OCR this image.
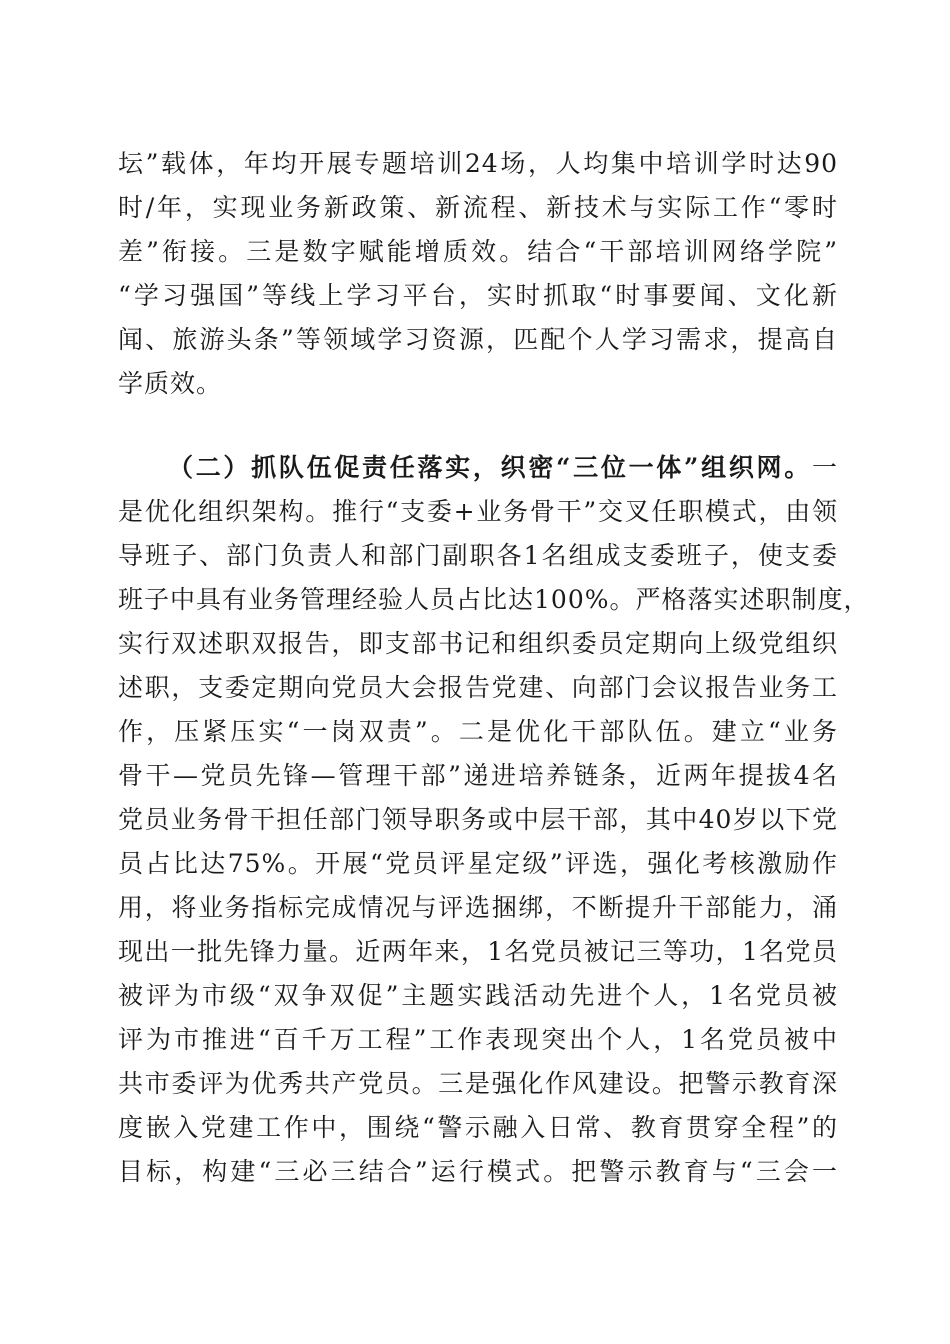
坛”载体，年均开展专题培训24场，人均集中培训学时达90
时/年，实现业务新政策、新流程、新技术与实际工作“零时
差”衔接。三是数字赋能增质效。结合“干部培训网络学院”
“学习强国”等线上学习平台，实时抓取“时事要闻、文化新
闻、旅游头条”等领域学习资源，匹配个人学习需求，提高自
学质效。
（二）抓队伍促责任落实，织密“三位一体”组织网。一
是优化组织架构。推行“支委+业务骨干”交叉任职模式，由领
导班子、部门负责人和部门副职各1名组成支委班子，使支委
班子中具有业务管理经验人员占比达100%。严格落实述职制度，
实行双述职双报告，即支部书记和组织委员定期向上级党组织
述职，支委定期向党员大会报告党建、向部门会议报告业务工
作，压紧压实“一岗双责”。二是优化干部队伍。建立“业务
骨干—党员先锋—管理干部”递进培养链条，近两年提拔4名
党员业务骨干担任部门领导职务或中层干部，其中40岁以下党
员占比达75%。开展“党员评星定级”评选，强化考核激励作
用，将业务指标完成情况与评选捆绑，不断提升干部能力，涌
现出一批先锋力量。近两年来，1名党员被记三等功，1名党员
被评为市级“双争双促”主题实践活动先进个人，1名党员被
评为市推进“百千万工程”工作表现突出个人，1名党员被中
共市委评为优秀共产党员。三是强化作风建设。把警示教育深
度嵌入党建工作中，围绕“警示融入日常、教育贯穿全程”的
目标，构建“三必三结合”运行模式。把警示教育与“三会一
